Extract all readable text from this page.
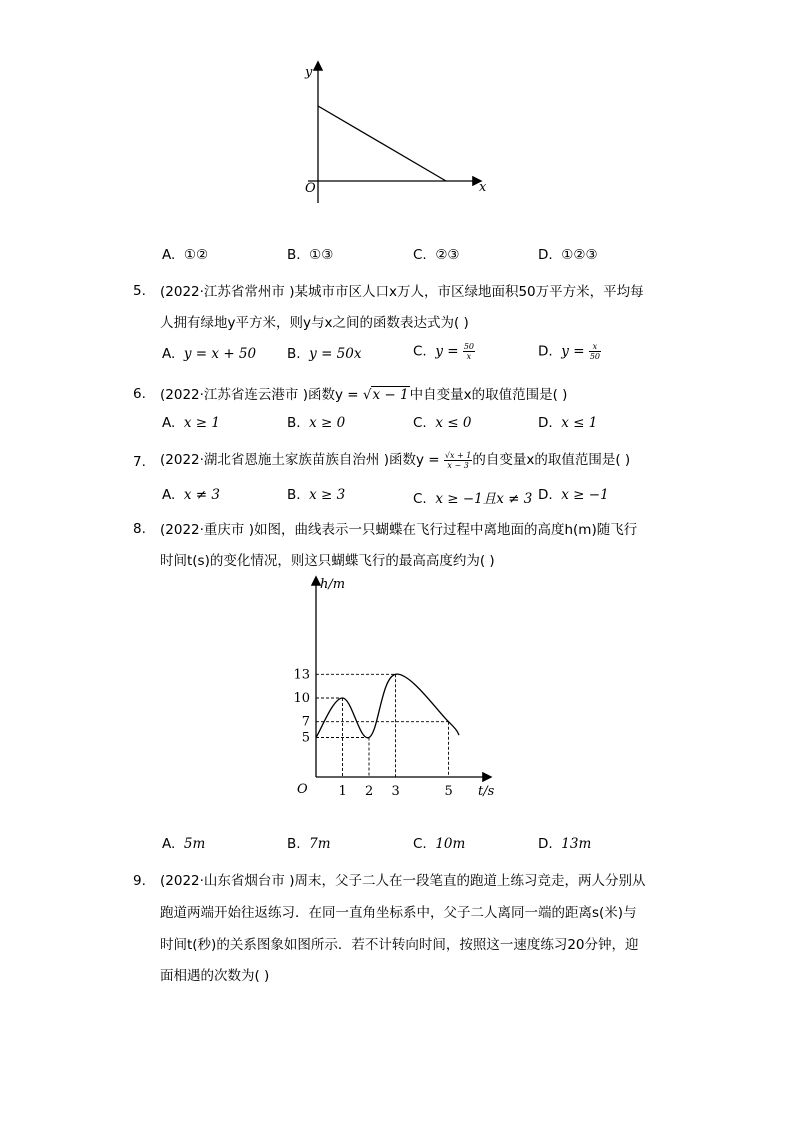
y
x
O
A. ①②	B. ①③	C. ②③	D. ①②③
5. (2022·江苏省常州市 )某城市市区人口x万人，市区绿地面积50万平方米，平均每
人拥有绿地y平方米，则y与x之间的函数表达式为( )
A. y = x + 50 B. y = 50x	C. $y = \frac{50}{x}$	D. $y = \frac{x}{50}$
6. (2022·江苏省连云港市 )函数y = √x − 1中自变量x的取值范围是( )
A. x ≥ 1	B. x ≥ 0	C. x ≤ 0	D. x ≤ 1
7. (2022·湖北省恩施土家族苗族自治州 )函数$y = \frac{√x + 1}{x - 3}$ 的自变量x的取值范围是( )
A. x ≠ 3	B. x ≥ 3	C. x ≥ −1且x ≠ 3 D. x ≥ −1
8. (2022·重庆市 )如图，曲线表示一只蝴蝶在飞行过程中离地面的高度h(m)随飞行
时间t(s)的变化情况，则这只蝴蝶飞行的最高高度约为( )
1 2 3	5
5
7
10
13
O	t/s
h/m
A. 5m	B. 7m	C. 10m	D. 13m
9. (2022·山东省烟台市 )周末，父子二人在一段笔直的跑道上练习竞走，两人分别从
跑道两端开始往返练习．在同一直角坐标系中，父子二人离同一端的距离s(米)与
时间t(秒)的关系图象如图所示．若不计转向时间，按照这一速度练习20分钟，迎
面相遇的次数为( )
